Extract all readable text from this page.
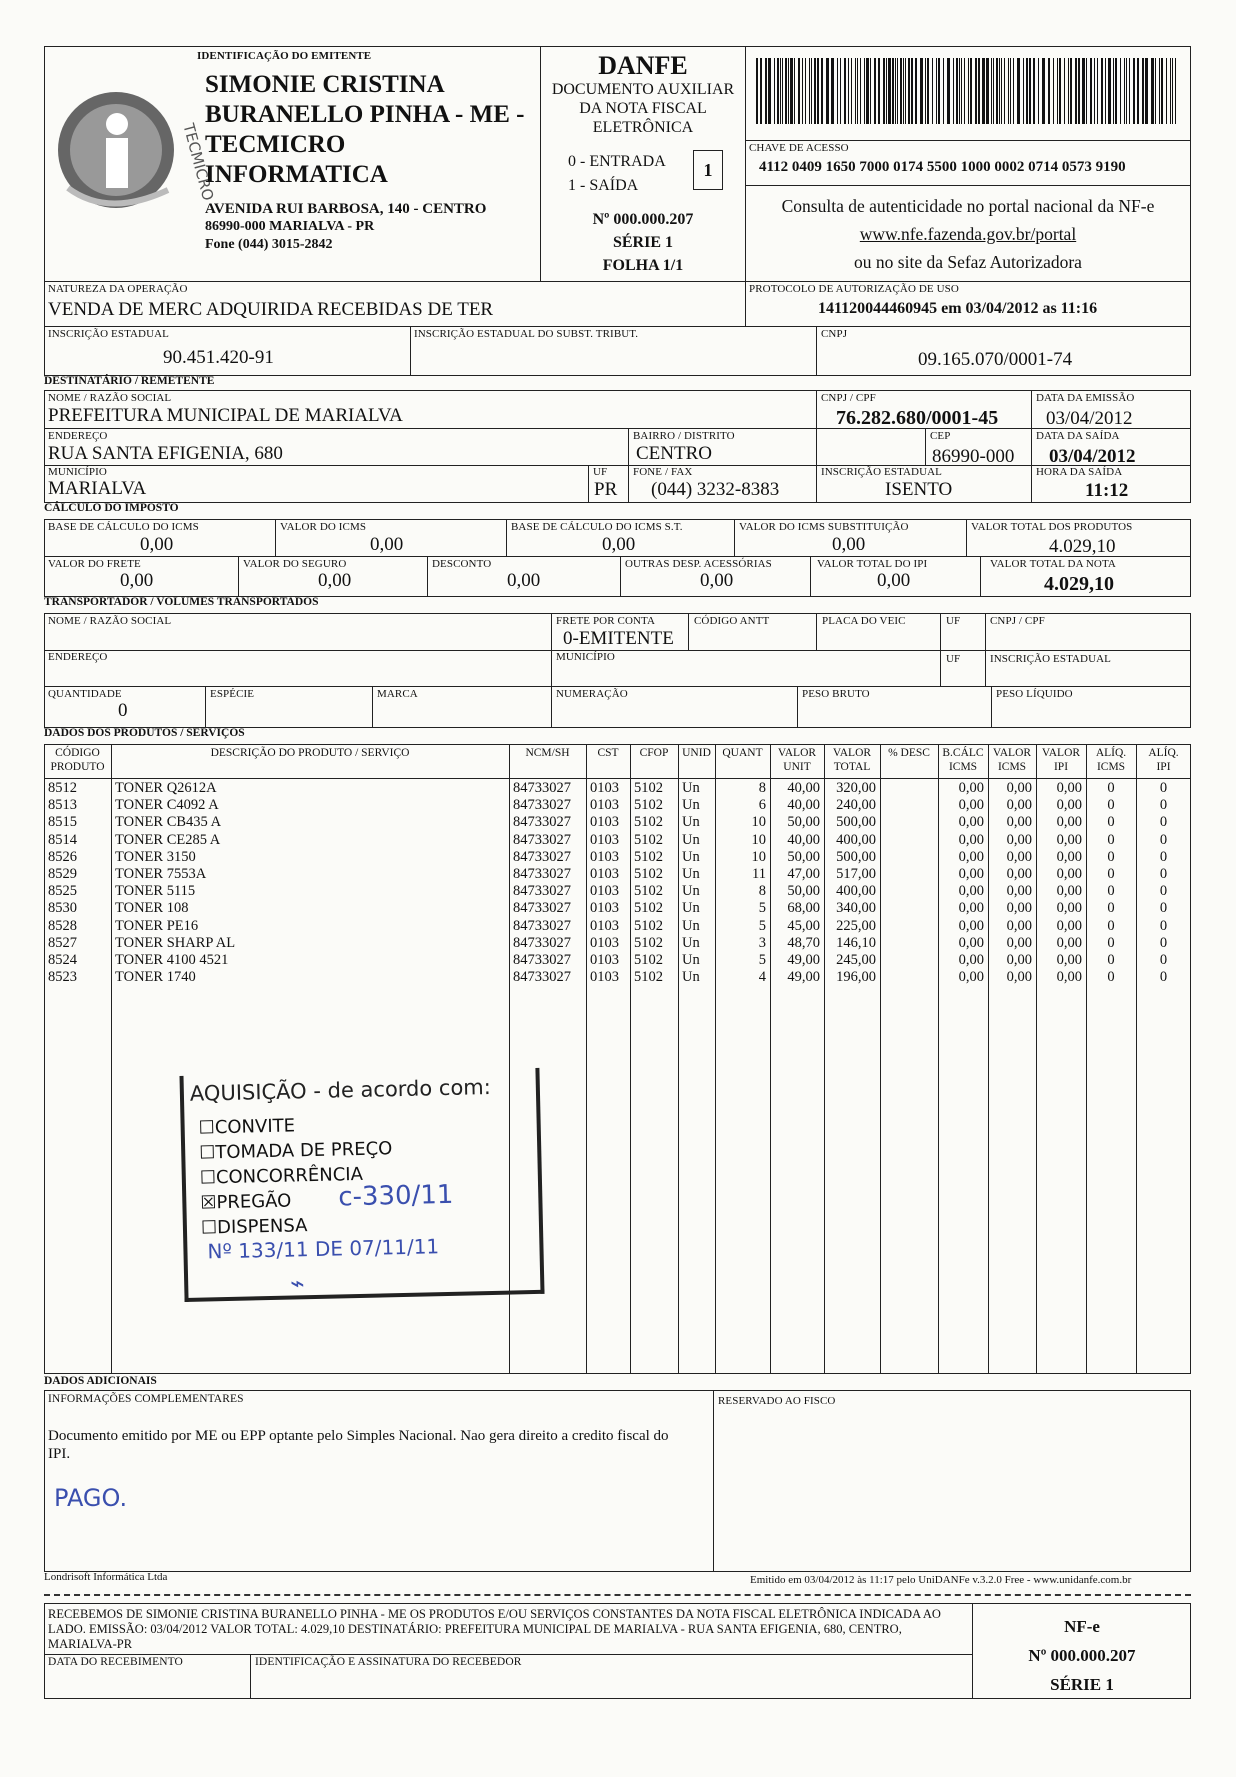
IDENTIFICAÇÃO DO EMITENTE
TECMICRO
SIMONIE CRISTINA
BURANELLO PINHA - ME -
TECMICRO
INFORMATICA
AVENIDA RUI BARBOSA, 140 - CENTRO
86990-000 MARIALVA - PR
Fone (044) 3015-2842
DANFE
DOCUMENTO AUXILIAR
DA NOTA FISCAL
ELETRÔNICA
0 - ENTRADA
1 - SAÍDA
1
Nº 000.000.207
SÉRIE 1
FOLHA 1/1
CHAVE DE ACESSO
4112 0409 1650 7000 0174 5500 1000 0002 0714 0573 9190
Consulta de autenticidade no portal nacional da NF-e
www.nfe.fazenda.gov.br/portal
ou no site da Sefaz Autorizadora
NATUREZA DA OPERAÇÃO
VENDA DE MERC ADQUIRIDA RECEBIDAS DE TER
PROTOCOLO DE AUTORIZAÇÃO DE USO
141120044460945 em 03/04/2012 as 11:16
INSCRIÇÃO ESTADUAL
90.451.420-91
INSCRIÇÃO ESTADUAL DO SUBST. TRIBUT.	CNPJ
09.165.070/0001-74
DESTINATÁRIO / REMETENTE
NOME / RAZÃO SOCIAL
PREFEITURA MUNICIPAL DE MARIALVA
CNPJ / CPF
76.282.680/0001-45
DATA DA EMISSÃO
03/04/2012
ENDEREÇO
RUA SANTA EFIGENIA, 680
BAIRRO / DISTRITO
CENTRO
CEP
86990-000
DATA DA SAÍDA
03/04/2012
MUNICÍPIO
MARIALVA
UF
PR
FONE / FAX
(044) 3232-8383
INSCRIÇÃO ESTADUAL
ISENTO
HORA DA SAÍDA
11:12
CÁLCULO DO IMPOSTO
BASE DE CÁLCULO DO ICMS
0,00
VALOR DO ICMS
0,00
BASE DE CÁLCULO DO ICMS S.T.
0,00
VALOR DO ICMS SUBSTITUIÇÃO
0,00
VALOR TOTAL DOS PRODUTOS
4.029,10
VALOR DO FRETE
0,00
VALOR DO SEGURO
0,00
DESCONTO
0,00
OUTRAS DESP. ACESSÓRIAS
0,00
VALOR TOTAL DO IPI
0,00
VALOR TOTAL DA NOTA
4.029,10
TRANSPORTADOR / VOLUMES TRANSPORTADOS
NOME / RAZÃO SOCIAL	FRETE POR CONTA
0-EMITENTE
CÓDIGO ANTT	PLACA DO VEIC	UF	CNPJ / CPF
ENDEREÇO	MUNICÍPIO	UF	INSCRIÇÃO ESTADUAL
QUANTIDADE
0
ESPÉCIE	MARCA	NUMERAÇÃO	PESO BRUTO	PESO LÍQUIDO
DADOS DOS PRODUTOS / SERVIÇOS
CÓDIGO
PRODUTO
DESCRIÇÃO DO PRODUTO / SERVIÇO	NCM/SH	CST	CFOP	UNID	QUANT	VALOR
UNIT
VALOR
TOTAL
% DESC	B.CÁLC
ICMS
VALOR
ICMS
VALOR
IPI
ALÍQ.
ICMS
ALÍQ.
IPI
8512	TONER Q2612A	84733027	0103	5102	Un	8	40,00	320,00	0,00	0,00	0,00	0	0
8513	TONER C4092 A	84733027	0103	5102	Un	6	40,00	240,00	0,00	0,00	0,00	0	0
8515	TONER CB435 A	84733027	0103	5102	Un	10	50,00	500,00	0,00	0,00	0,00	0	0
8514	TONER CE285 A	84733027	0103	5102	Un	10	40,00	400,00	0,00	0,00	0,00	0	0
8526	TONER 3150	84733027	0103	5102	Un	10	50,00	500,00	0,00	0,00	0,00	0	0
8529	TONER 7553A	84733027	0103	5102	Un	11	47,00	517,00	0,00	0,00	0,00	0	0
8525	TONER 5115	84733027	0103	5102	Un	8	50,00	400,00	0,00	0,00	0,00	0	0
8530	TONER 108	84733027	0103	5102	Un	5	68,00	340,00	0,00	0,00	0,00	0	0
8528	TONER PE16	84733027	0103	5102	Un	5	45,00	225,00	0,00	0,00	0,00	0	0
8527	TONER SHARP AL	84733027	0103	5102	Un	3	48,70	146,10	0,00	0,00	0,00	0	0
8524	TONER 4100 4521	84733027	0103	5102	Un	5	49,00	245,00	0,00	0,00	0,00	0	0
8523	TONER 1740	84733027	0103	5102	Un	4	49,00	196,00	0,00	0,00	0,00	0	0
AQUISIÇÃO - de acordo com:
☐CONVITE
☐TOMADA DE PREÇO
☐CONCORRÊNCIA
☒PREGÃO
☐DISPENSA
c-330/11
Nº 133/11 DE 07/11/11
⌁
DADOS ADICIONAIS
INFORMAÇÕES COMPLEMENTARES
Documento emitido por ME ou EPP optante pelo Simples Nacional. Nao gera direito a credito fiscal do IPI.
PAGO.
RESERVADO AO FISCO
Londrisoft Informática Ltda	Emitido em 03/04/2012 às 11:17 pelo UniDANFe v.3.2.0 Free - www.unidanfe.com.br
RECEBEMOS DE SIMONIE CRISTINA BURANELLO PINHA - ME OS PRODUTOS E/OU SERVIÇOS CONSTANTES DA NOTA FISCAL ELETRÔNICA INDICADA AO LADO. EMISSÃO: 03/04/2012 VALOR TOTAL: 4.029,10 DESTINATÁRIO: PREFEITURA MUNICIPAL DE MARIALVA - RUA SANTA EFIGENIA, 680, CENTRO, MARIALVA-PR
DATA DO RECEBIMENTO	IDENTIFICAÇÃO E ASSINATURA DO RECEBEDOR
NF-e
Nº 000.000.207
SÉRIE 1
